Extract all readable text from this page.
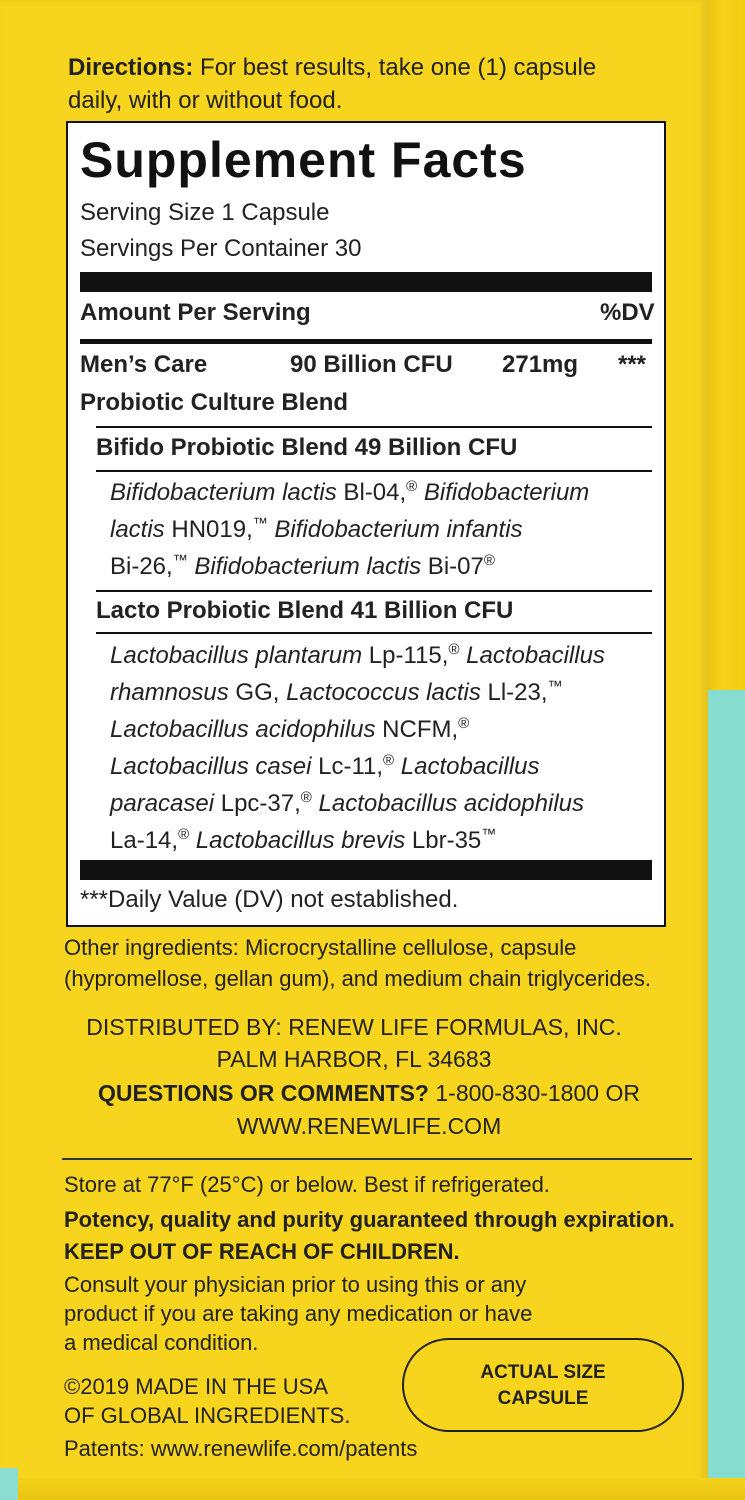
Directions: For best results, take one (1) capsule
daily, with or without food.
Supplement Facts
Serving Size 1 Capsule
Servings Per Container 30
Amount Per Serving	%DV
Men’s Care	90 Billion CFU 271mg ***
Probiotic Culture Blend
Bifido Probiotic Blend 49 Billion CFU
Bifidobacterium lactis Bl-04,® Bifidobacterium
lactis HN019,™ Bifidobacterium infantis
Bi-26,™ Bifidobacterium lactis Bi-07®
Lacto Probiotic Blend 41 Billion CFU
Lactobacillus plantarum Lp-115,® Lactobacillus
rhamnosus GG, Lactococcus lactis Ll-23,™
Lactobacillus acidophilus NCFM,®
Lactobacillus casei Lc-11,® Lactobacillus
paracasei Lpc-37,® Lactobacillus acidophilus
La-14,® Lactobacillus brevis Lbr-35™
***Daily Value (DV) not established.
Other ingredients: Microcrystalline cellulose, capsule
(hypromellose, gellan gum), and medium chain triglycerides.
DISTRIBUTED BY: RENEW LIFE FORMULAS, INC.
PALM HARBOR, FL 34683
QUESTIONS OR COMMENTS? 1-800-830-1800 OR
WWW.RENEWLIFE.COM
Store at 77°F (25°C) or below. Best if refrigerated.
Potency, quality and purity guaranteed through expiration.
KEEP OUT OF REACH OF CHILDREN.
Consult your physician prior to using this or any
product if you are taking any medication or have
a medical condition.
©2019 MADE IN THE USA
OF GLOBAL INGREDIENTS.
ACTUAL SIZE
CAPSULE
Patents: www.renewlife.com/patents
